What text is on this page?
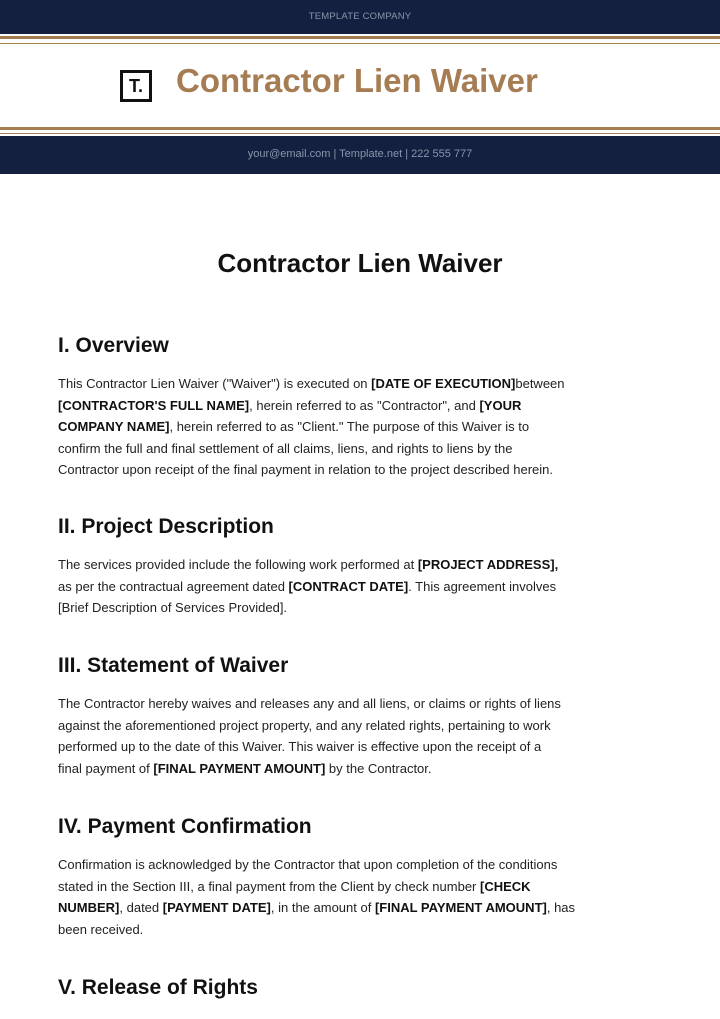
TEMPLATE COMPANY
T. Contractor Lien Waiver
your@email.com | Template.net | 222 555 777
Contractor Lien Waiver
I. Overview

This Contractor Lien Waiver ("Waiver") is executed on [DATE OF EXECUTION]between
[CONTRACTOR'S FULL NAME], herein referred to as "Contractor", and [YOUR
COMPANY NAME], herein referred to as "Client." The purpose of this Waiver is to
confirm the full and final settlement of all claims, liens, and rights to liens by the
Contractor upon receipt of the final payment in relation to the project described herein.

II. Project Description

The services provided include the following work performed at [PROJECT ADDRESS],
as per the contractual agreement dated [CONTRACT DATE]. This agreement involves
[Brief Description of Services Provided].

III. Statement of Waiver

The Contractor hereby waives and releases any and all liens, or claims or rights of liens
against the aforementioned project property, and any related rights, pertaining to work
performed up to the date of this Waiver. This waiver is effective upon the receipt of a
final payment of [FINAL PAYMENT AMOUNT] by the Contractor.

IV. Payment Confirmation

Confirmation is acknowledged by the Contractor that upon completion of the conditions
stated in the Section III, a final payment from the Client by check number [CHECK
NUMBER], dated [PAYMENT DATE], in the amount of [FINAL PAYMENT AMOUNT], has
been received.

V. Release of Rights
